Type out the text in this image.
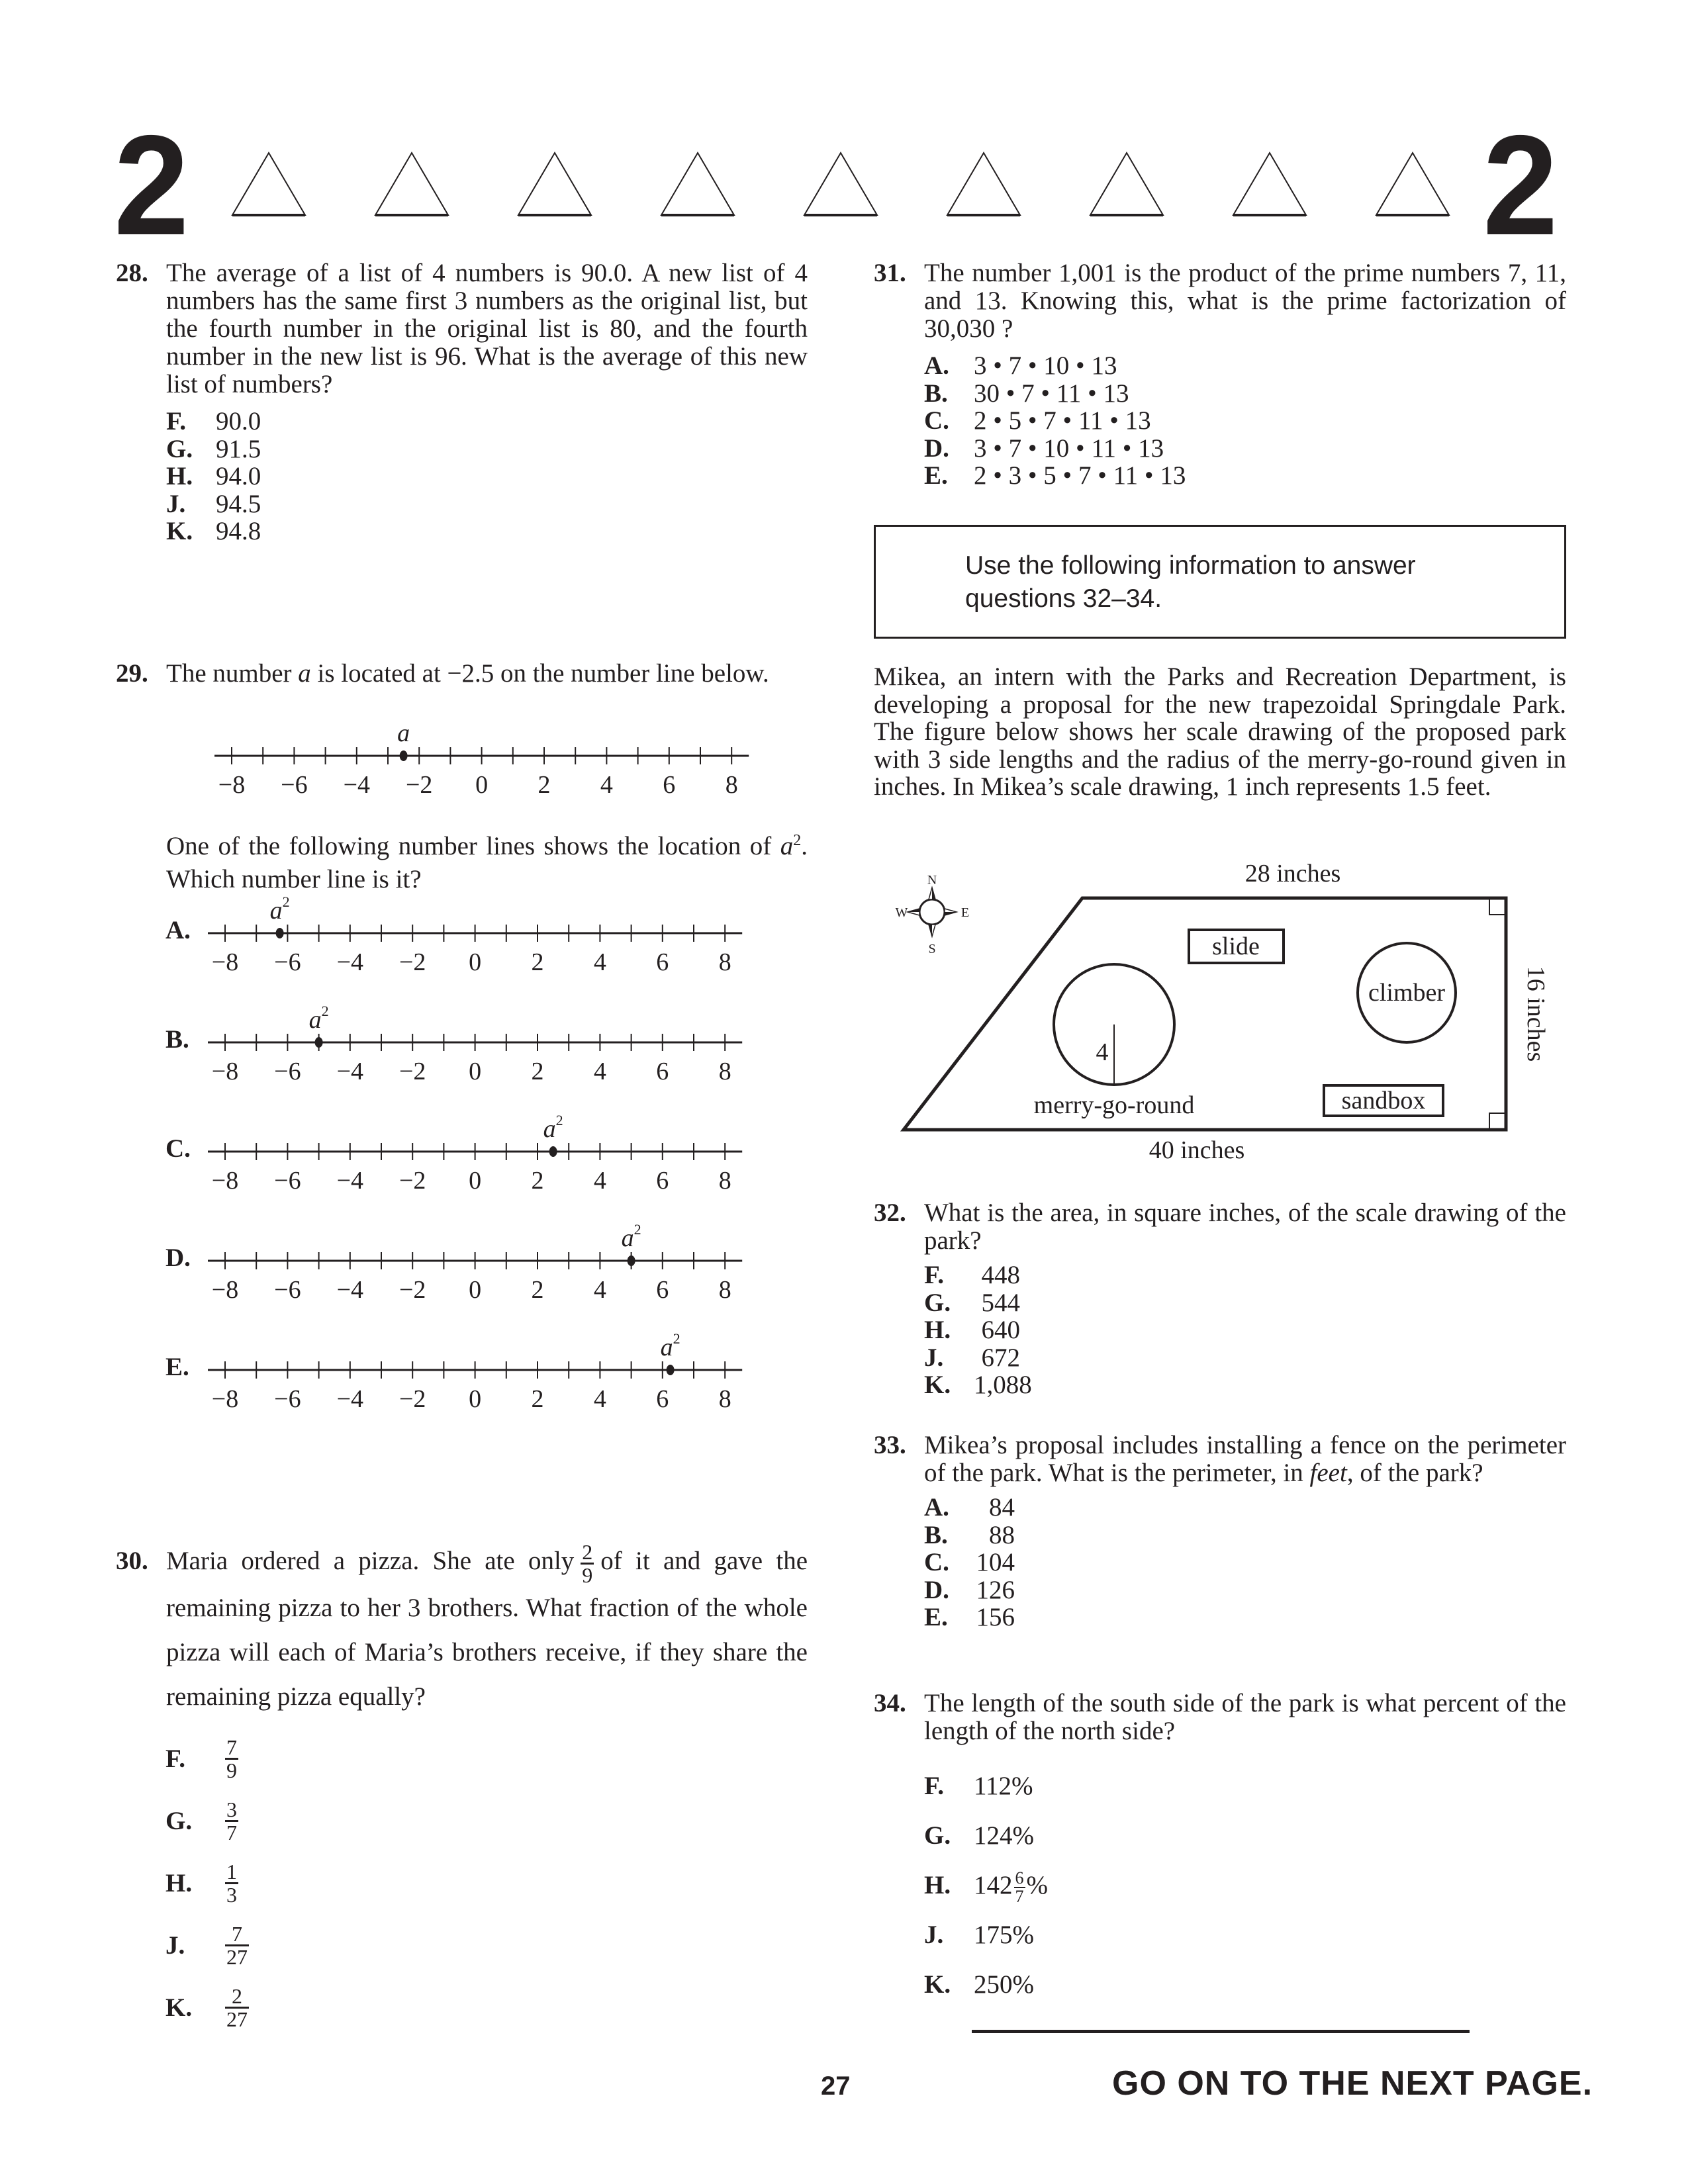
2	2
28. The average of a list of 4 numbers is 90.0. A new list of 4 numbers has the same first 3 numbers as the original list, but the fourth number in the original list is 80, and the fourth number in the new list is 96. What is the average of this new list of numbers?
F.	90.0
G. 91.5
H. 94.0
J.	94.5
K. 94.8
29. The number a is located at −2.5 on the number line below.
−8 −6 −4 −2 0 2 4 6 8
a
One of the following number lines shows the location of $a^2$. Which number line is it?
A.
−8 −6 −4 −2 0 2 4 6 8
$a^2$
B.
−8 −6 −4 −2 0 2 4 6 8
$a^2$
C.
−8 −6 −4 −2 0 2 4 6 8
$a^2$
D.
−8 −6 −4 −2 0 2 4 6 8
$a^2$
E.
−8 −6 −4 −2 0 2 4 6 8
$a^2$
30. Maria ordered a pizza. She ate only $\frac{2}{9}$ of it and gave the remaining pizza to her 3 brothers. What fraction of the whole pizza will each of Maria’s brothers receive, if they share the remaining pizza equally?
F.	$\frac{7}{9}$
G.	$\frac{3}{7}$
H.	$\frac{1}{3}$
J.	$\frac{7}{27}$
K.	$\frac{2}{27}$
31. The number 1,001 is the product of the prime numbers 7, 11, and 13. Knowing this, what is the prime factorization of 30,030 ?
A. 3 • 7 • 10 • 13
B.	30 • 7 • 11 • 13
C. 2 • 5 • 7 • 11 • 13
D. 3 • 7 • 10 • 11 • 13
E.	2 • 3 • 5 • 7 • 11 • 13
Use the following information to answer
questions 32–34.
Mikea, an intern with the Parks and Recreation Department, is developing a proposal for the new trapezoidal Springdale Park. The figure below shows her scale drawing of the proposed park with 3 side lengths and the radius of the merry-go-round given in inches. In Mikea’s scale drawing, 1 inch represents 1.5 feet.
N
S
W	E
28 inches
40 inches
16 inches
slide
climber
4
merry-go-round	sandbox
32. What is the area, in square inches, of the scale drawing of the park?
F.	448
G.	544
H.	640
J.	672
K. 1,088
33. Mikea’s proposal includes installing a fence on the perimeter of the park. What is the perimeter, in feet, of the park?
A.	84
B.	88
C.	104
D.	126
E.	156
34. The length of the south side of the park is what percent of the length of the north side?
F.	112%
G. 124%
H. $142 \frac{6}{7}$ %
J.	175%
K. 250%
27	GO ON TO THE NEXT PAGE.
